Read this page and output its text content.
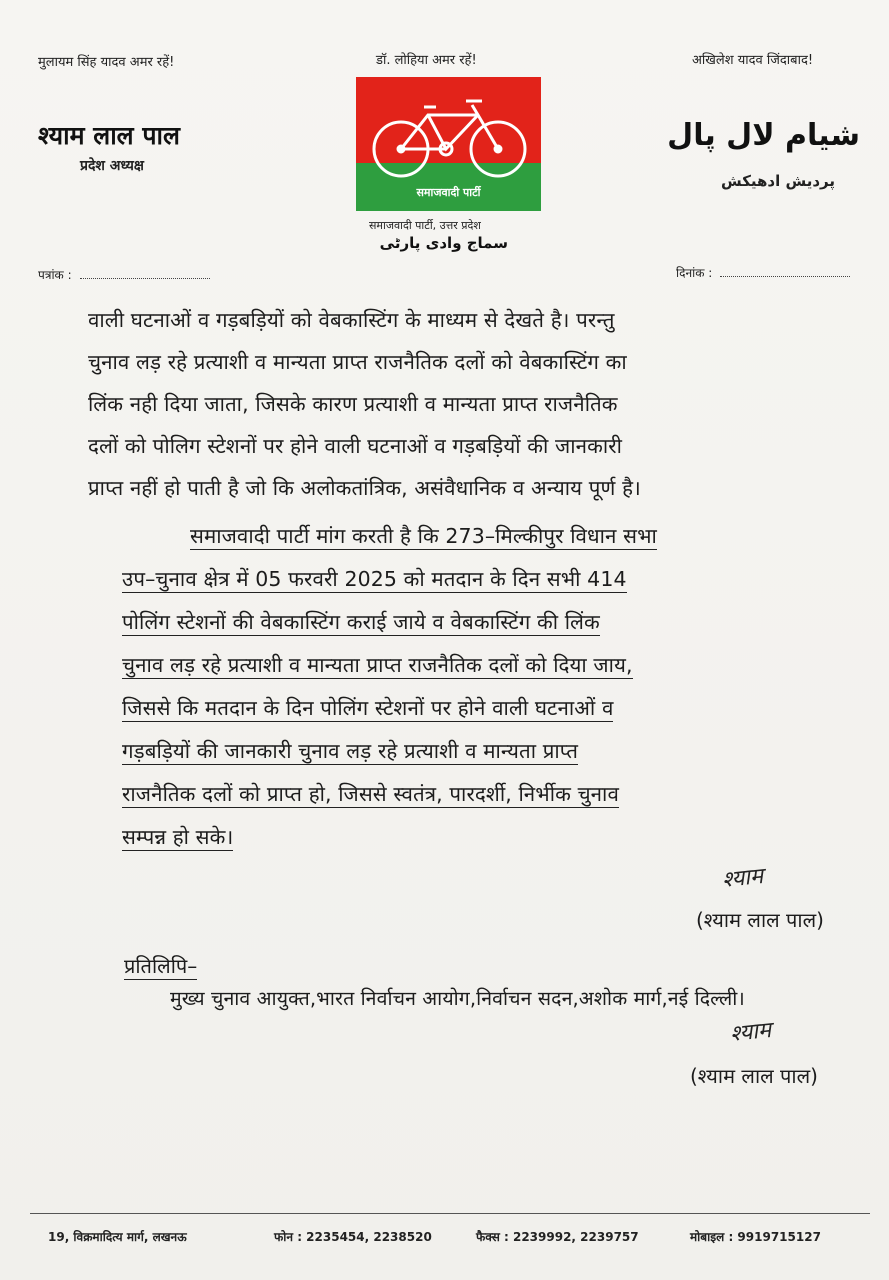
मुलायम सिंह यादव अमर रहें!	डॉ. लोहिया अमर रहें!	अखिलेश यादव जिंदाबाद!
श्याम लाल पाल
प्रदेश अध्यक्ष
شیام لال پال
پردیش ادھیکش
समाजवादी पार्टी
समाजवादी पार्टी, उत्तर प्रदेश
سماج وادی پارٹی
पत्रांक :	दिनांक :
वाली घटनाओं व गड़बड़ियों को वेबकास्टिंग के माध्यम से देखते है। परन्तु
चुनाव लड़ रहे प्रत्याशी व मान्यता प्राप्त राजनैतिक दलों को वेबकास्टिंग का
लिंक नही दिया जाता, जिसके कारण प्रत्याशी व मान्यता प्राप्त राजनैतिक
दलों को पोलिग स्टेशनों पर होने वाली घटनाओं व गड़बड़ियों की जानकारी
प्राप्त नहीं हो पाती है जो कि अलोकतांत्रिक, असंवैधानिक व अन्याय पूर्ण है।
समाजवादी पार्टी मांग करती है कि 273–मिल्कीपुर विधान सभा
उप–चुनाव क्षेत्र में 05 फरवरी 2025 को मतदान के दिन सभी 414
पोलिंग स्टेशनों की वेबकास्टिंग कराई जाये व वेबकास्टिंग की लिंक
चुनाव लड़ रहे प्रत्याशी व मान्यता प्राप्त राजनैतिक दलों को दिया जाय,
जिससे कि मतदान के दिन पोलिंग स्टेशनों पर होने वाली घटनाओं व
गड़बड़ियों की जानकारी चुनाव लड़ रहे प्रत्याशी व मान्यता प्राप्त
राजनैतिक दलों को प्राप्त हो, जिससे स्वतंत्र, पारदर्शी, निर्भीक चुनाव
सम्पन्न हो सके।
श्याम
(श्याम लाल पाल)
प्रतिलिपि–
मुख्य चुनाव आयुक्त,भारत निर्वाचन आयोग,निर्वाचन सदन,अशोक मार्ग,नई दिल्ली।
श्याम
(श्याम लाल पाल)
19, विक्रमादित्य मार्ग, लखनऊ	फोन : 2235454, 2238520	फैक्स : 2239992, 2239757	मोबाइल : 9919715127
